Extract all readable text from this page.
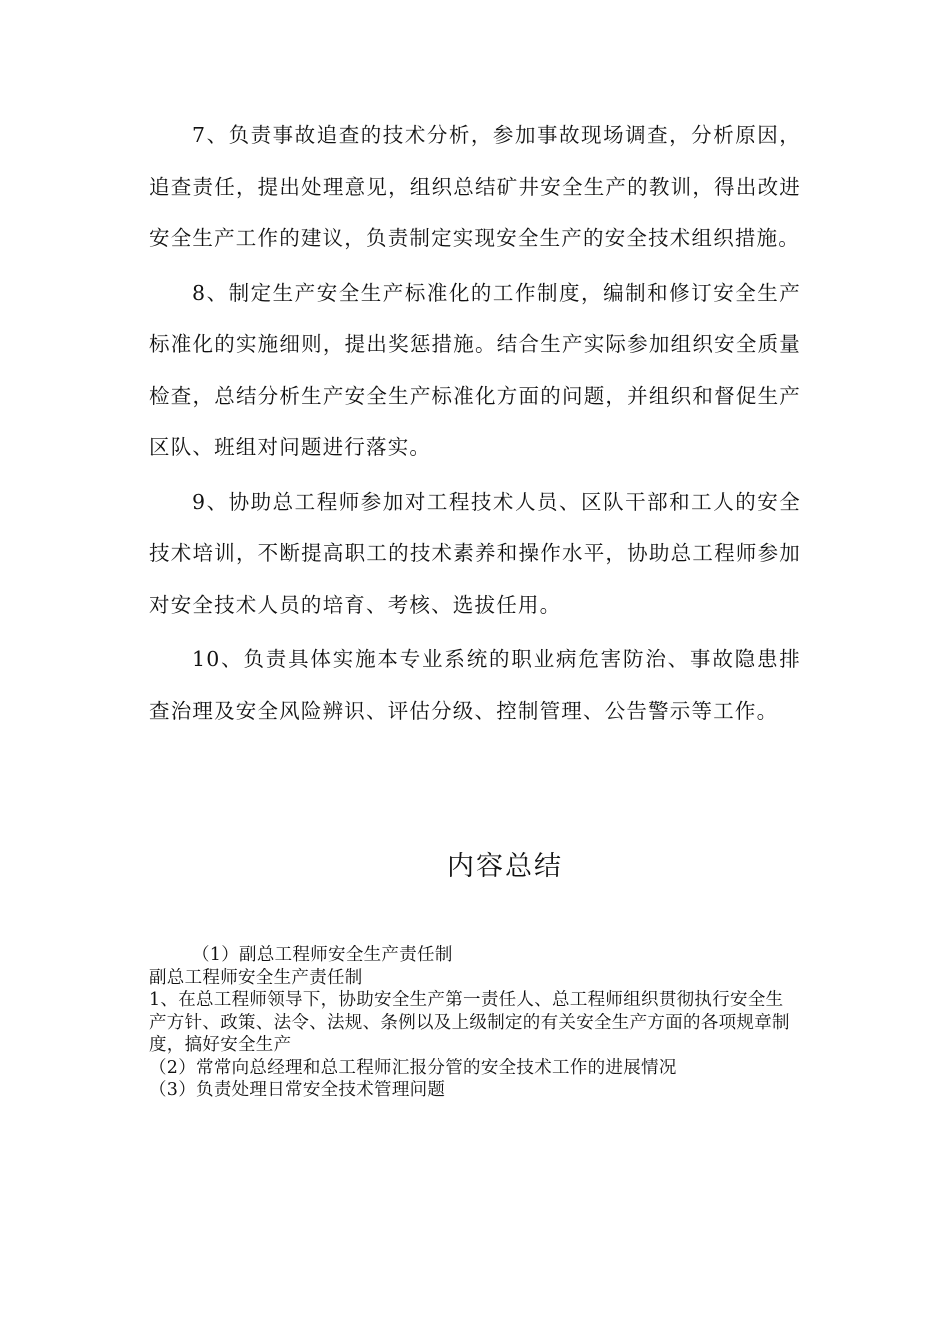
7、负责事故追查的技术分析，参加事故现场调查，分析原因，追查责任，提出处理意见，组织总结矿井安全生产的教训，得出改进安全生产工作的建议，负责制定实现安全生产的安全技术组织措施。

8、制定生产安全生产标准化的工作制度，编制和修订安全生产标准化的实施细则，提出奖惩措施。结合生产实际参加组织安全质量检查，总结分析生产安全生产标准化方面的问题，并组织和督促生产区队、班组对问题进行落实。

9、协助总工程师参加对工程技术人员、区队干部和工人的安全技术培训，不断提高职工的技术素养和操作水平，协助总工程师参加对安全技术人员的培育、考核、选拔任用。

10、负责具体实施本专业系统的职业病危害防治、事故隐患排查治理及安全风险辨识、评估分级、控制管理、公告警示等工作。

内容总结

（1）副总工程师安全生产责任制

副总工程师安全生产责任制

1、在总工程师领导下，协助安全生产第一责任人、总工程师组织贯彻执行安全生产方针、政策、法令、法规、条例以及上级制定的有关安全生产方面的各项规章制度，搞好安全生产

（2）常常向总经理和总工程师汇报分管的安全技术工作的进展情况

（3）负责处理日常安全技术管理问题
